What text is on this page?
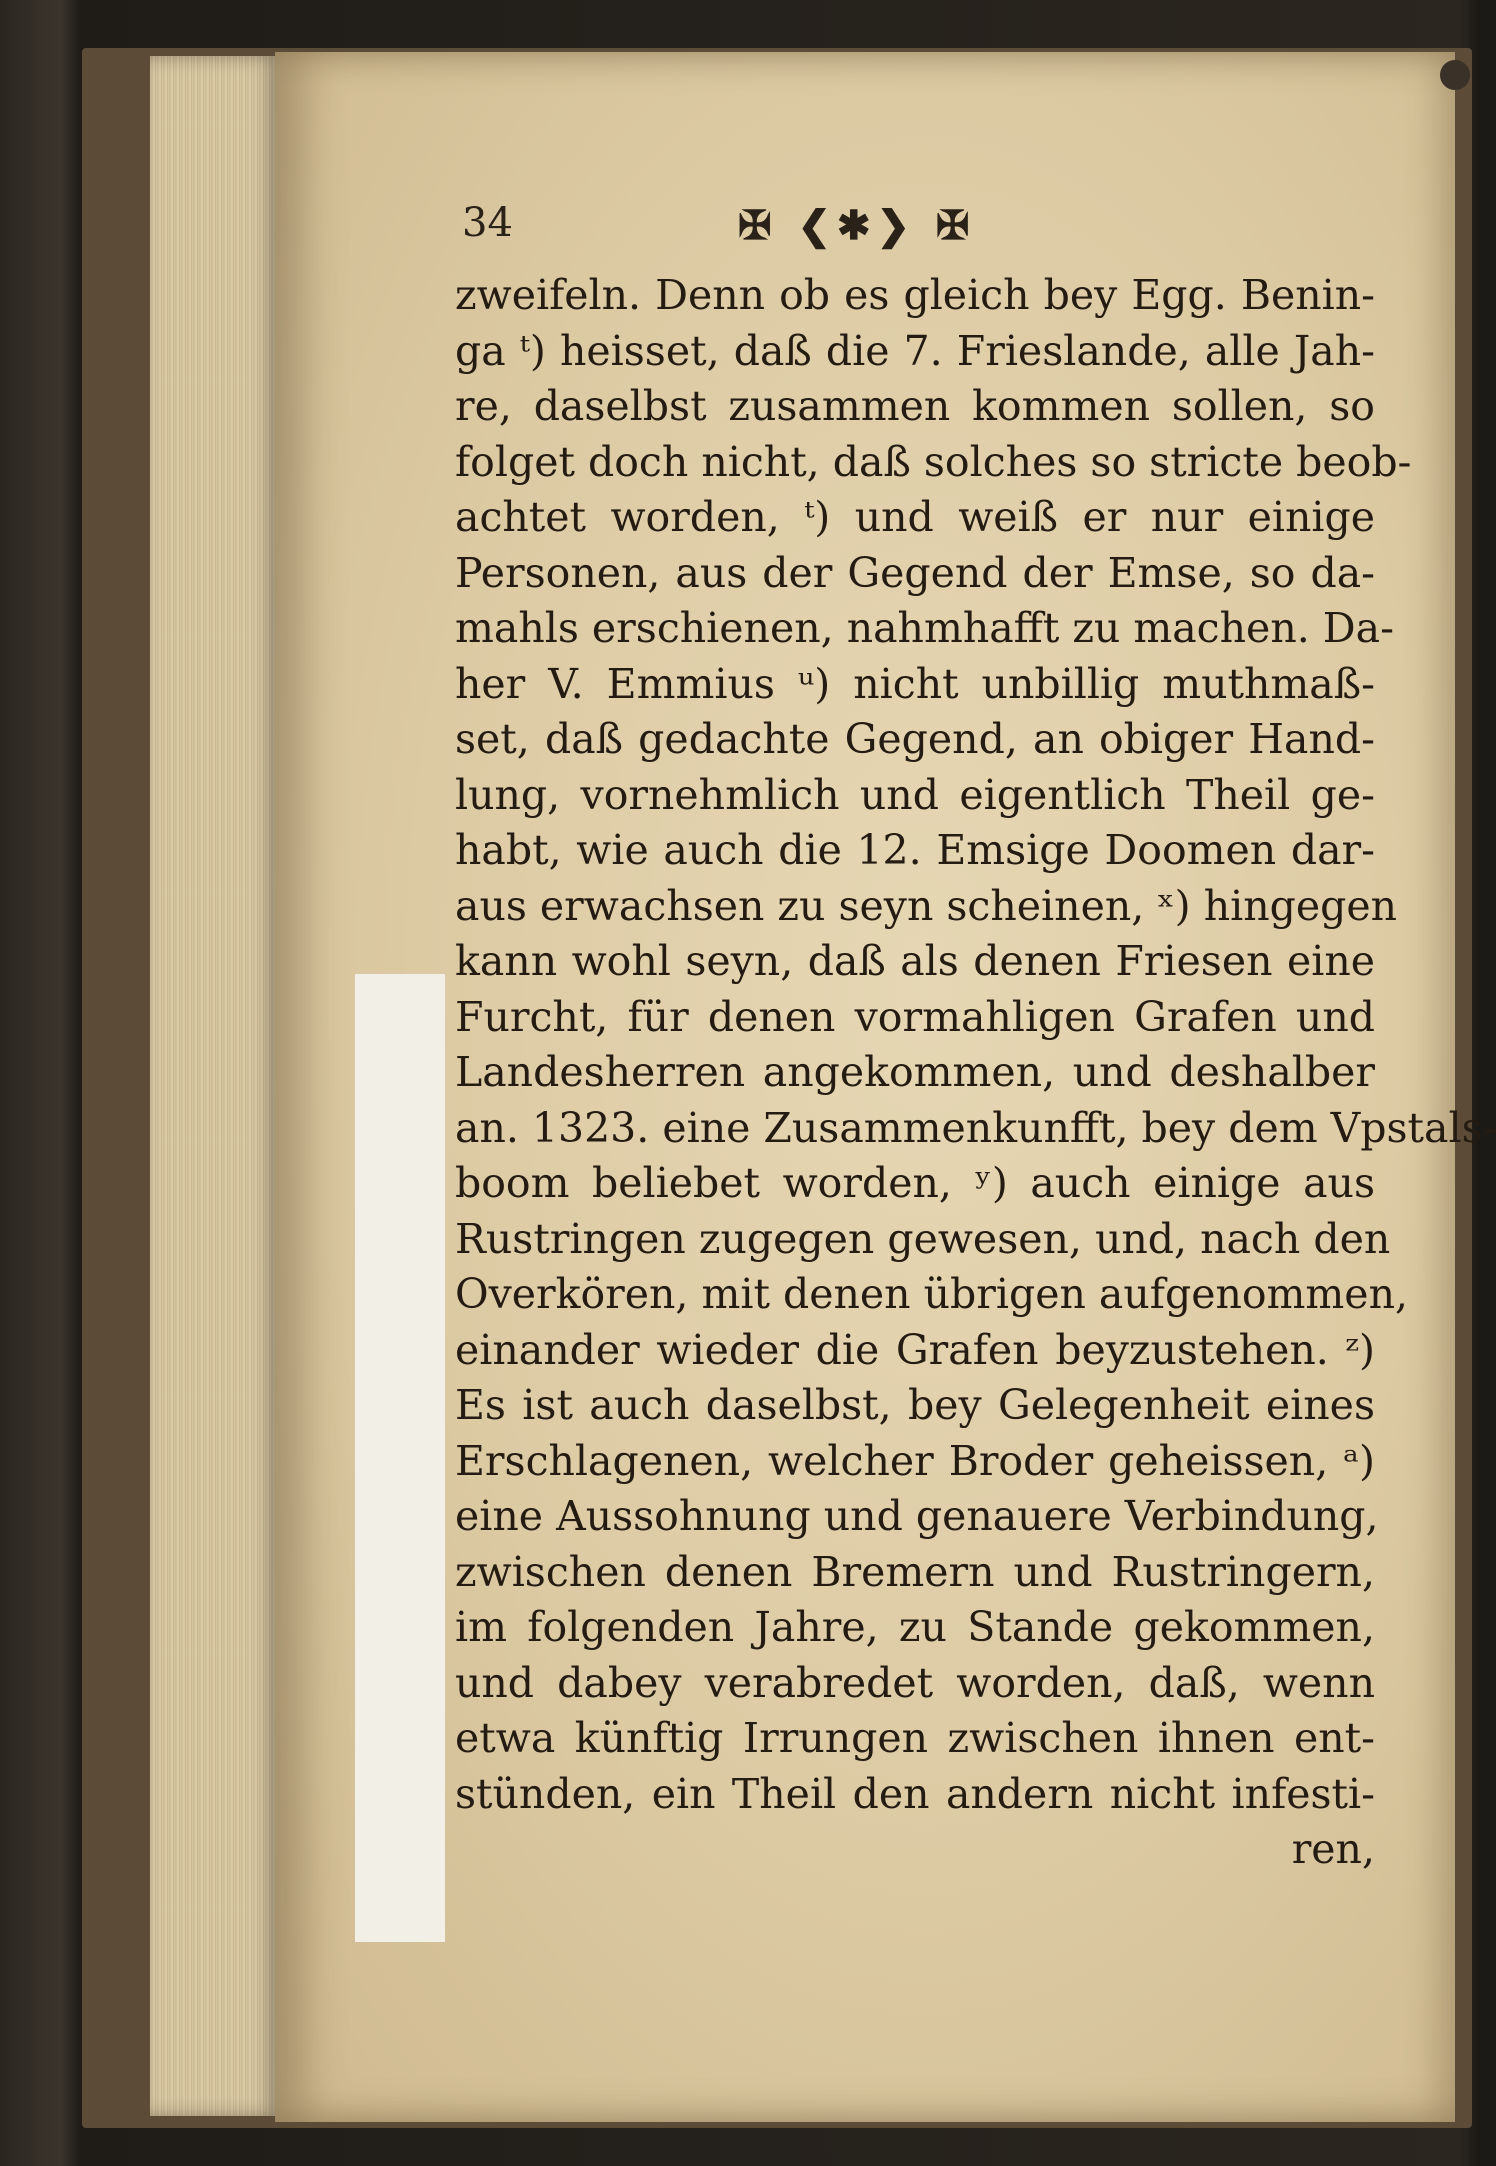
34	✠ ❮✱❯ ✠
zweifeln. Denn ob es gleich bey Egg. Benin-
ga ᵗ) heisset, daß die 7. Frieslande, alle Jah-
re, daselbst zusammen kommen sollen, so
folget doch nicht, daß solches so stricte beob-
achtet worden, ᵗ) und weiß er nur einige
Personen, aus der Gegend der Emse, so da-
mahls erschienen, nahmhafft zu machen. Da-
her V. Emmius ᵘ) nicht unbillig muthmaß-
set, daß gedachte Gegend, an obiger Hand-
lung, vornehmlich und eigentlich Theil ge-
habt, wie auch die 12. Emsige Doomen dar-
aus erwachsen zu seyn scheinen, ˣ) hingegen
kann wohl seyn, daß als denen Friesen eine
Furcht, für denen vormahligen Grafen und
Landesherren angekommen, und deshalber
an. 1323. eine Zusammenkunfft, bey dem Vpstals-
boom beliebet worden, ʸ) auch einige aus
Rustringen zugegen gewesen, und, nach den
Overkören, mit denen übrigen aufgenommen,
einander wieder die Grafen beyzustehen. ᶻ)
Es ist auch daselbst, bey Gelegenheit eines
Erschlagenen, welcher Broder geheissen, ᵃ)
eine Aussohnung und genauere Verbindung,
zwischen denen Bremern und Rustringern,
im folgenden Jahre, zu Stande gekommen,
und dabey verabredet worden, daß, wenn
etwa künftig Irrungen zwischen ihnen ent-
stünden, ein Theil den andern nicht infesti-
ren,
